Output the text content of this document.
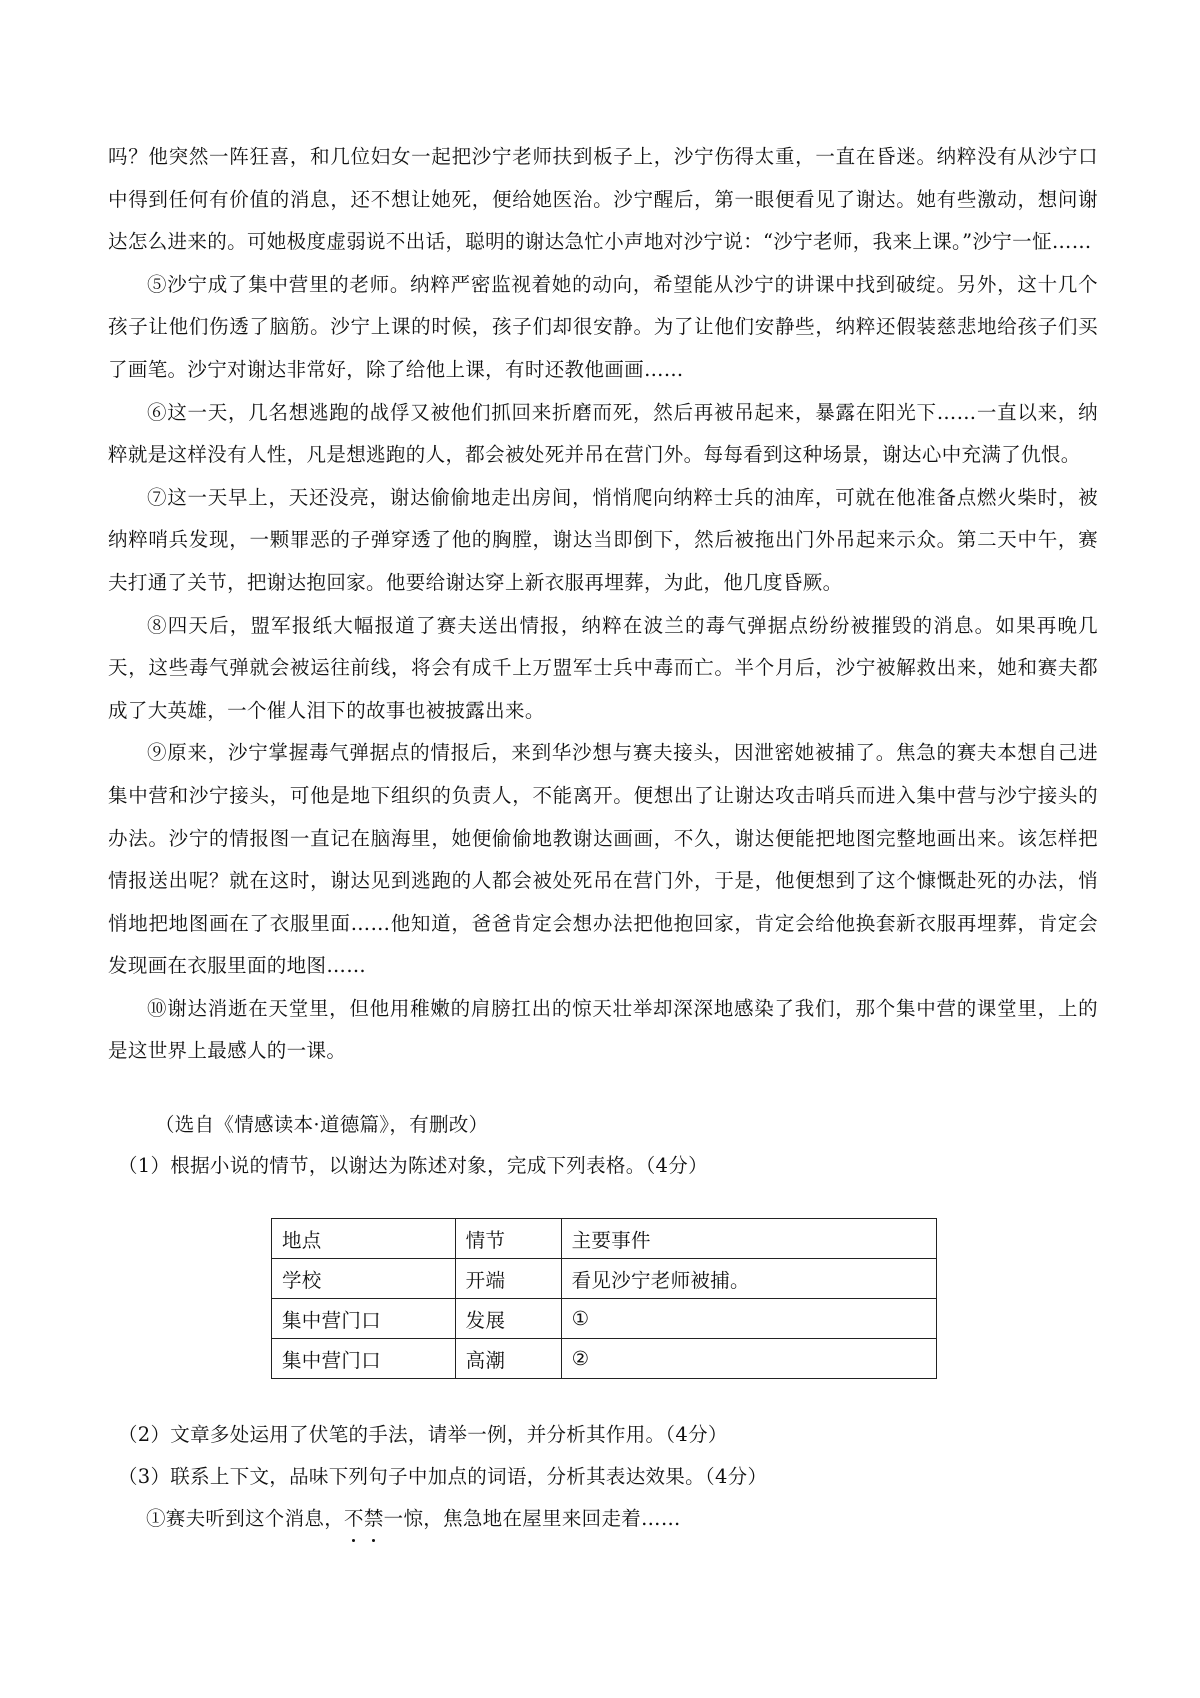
吗？他突然一阵狂喜，和几位妇女一起把沙宁老师扶到板子上，沙宁伤得太重，一直在昏迷。纳粹没有从沙宁口中得到任何有价值的消息，还不想让她死，便给她医治。沙宁醒后，第一眼便看见了谢达。她有些激动，想问谢达怎么进来的。可她极度虚弱说不出话，聪明的谢达急忙小声地对沙宁说：“沙宁老师，我来上课。”沙宁一怔……

⑤沙宁成了集中营里的老师。纳粹严密监视着她的动向，希望能从沙宁的讲课中找到破绽。另外，这十几个孩子让他们伤透了脑筋。沙宁上课的时候，孩子们却很安静。为了让他们安静些，纳粹还假装慈悲地给孩子们买了画笔。沙宁对谢达非常好，除了给他上课，有时还教他画画……

⑥这一天，几名想逃跑的战俘又被他们抓回来折磨而死，然后再被吊起来，暴露在阳光下……一直以来，纳粹就是这样没有人性，凡是想逃跑的人，都会被处死并吊在营门外。每每看到这种场景，谢达心中充满了仇恨。

⑦这一天早上，天还没亮，谢达偷偷地走出房间，悄悄爬向纳粹士兵的油库，可就在他准备点燃火柴时，被纳粹哨兵发现，一颗罪恶的子弹穿透了他的胸膛，谢达当即倒下，然后被拖出门外吊起来示众。第二天中午，赛夫打通了关节，把谢达抱回家。他要给谢达穿上新衣服再埋葬，为此，他几度昏厥。

⑧四天后，盟军报纸大幅报道了赛夫送出情报，纳粹在波兰的毒气弹据点纷纷被摧毁的消息。如果再晚几天，这些毒气弹就会被运往前线，将会有成千上万盟军士兵中毒而亡。半个月后，沙宁被解救出来，她和赛夫都成了大英雄，一个催人泪下的故事也被披露出来。

⑨原来，沙宁掌握毒气弹据点的情报后，来到华沙想与赛夫接头，因泄密她被捕了。焦急的赛夫本想自己进集中营和沙宁接头，可他是地下组织的负责人，不能离开。便想出了让谢达攻击哨兵而进入集中营与沙宁接头的办法。沙宁的情报图一直记在脑海里，她便偷偷地教谢达画画，不久，谢达便能把地图完整地画出来。该怎样把情报送出呢？就在这时，谢达见到逃跑的人都会被处死吊在营门外，于是，他便想到了这个慷慨赴死的办法，悄悄地把地图画在了衣服里面……他知道，爸爸肯定会想办法把他抱回家，肯定会给他换套新衣服再埋葬，肯定会发现画在衣服里面的地图……

⑩谢达消逝在天堂里，但他用稚嫩的肩膀扛出的惊天壮举却深深地感染了我们，那个集中营的课堂里，上的是这世界上最感人的一课。

（选自《情感读本·道德篇》，有删改）

（1）根据小说的情节，以谢达为陈述对象，完成下列表格。（4分）

地点	情节	主要事件
学校	开端	看见沙宁老师被捕。
集中营门口	发展	①
集中营门口	高潮	②

（2）文章多处运用了伏笔的手法，请举一例，并分析其作用。（4分）

（3）联系上下文，品味下列句子中加点的词语，分析其表达效果。（4分）

①赛夫听到这个消息，不禁一惊，焦急地在屋里来回走着……
